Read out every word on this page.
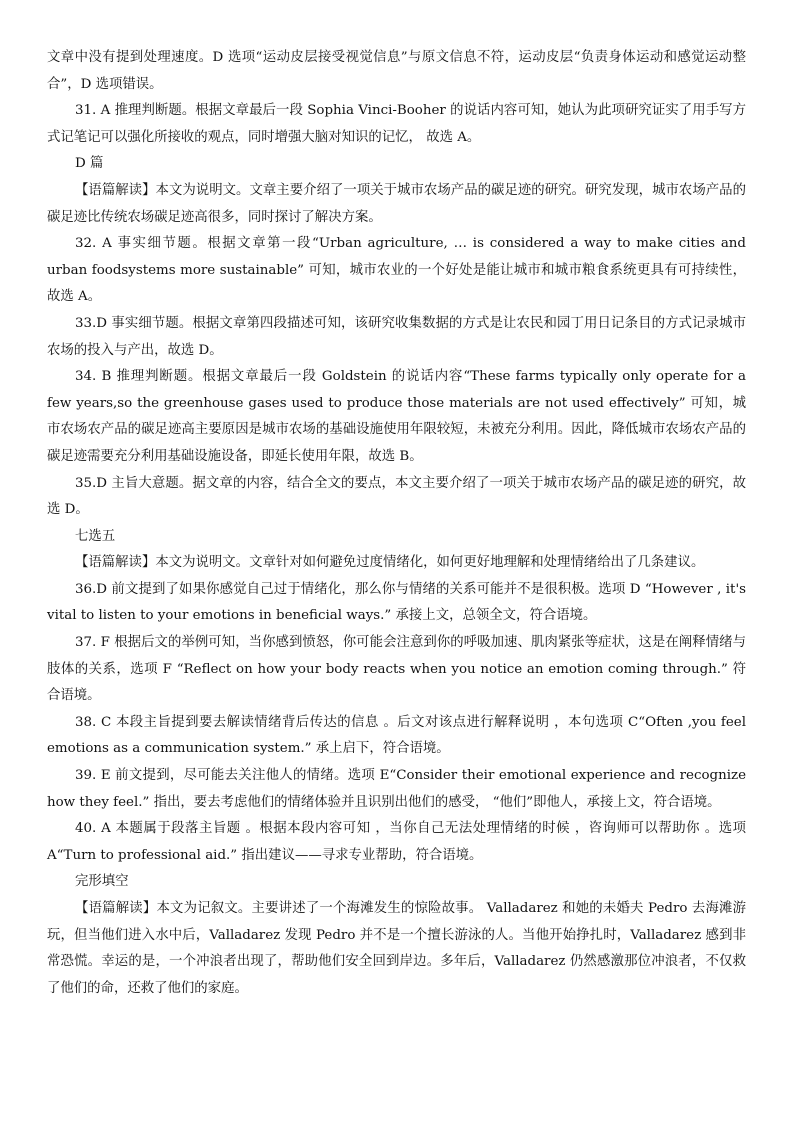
文章中没有提到处理速度。D 选项“运动皮层接受视觉信息”与原文信息不符，运动皮层“负责身体运动和感觉运动整合”，D 选项错误。

31. A 推理判断题。根据文章最后一段 Sophia Vinci-Booher 的说话内容可知，她认为此项研究证实了用手写方式记笔记可以强化所接收的观点，同时增强大脑对知识的记忆， 故选 A。

D 篇

【语篇解读】本文为说明文。文章主要介绍了一项关于城市农场产品的碳足迹的研究。研究发现，城市农场产品的碳足迹比传统农场碳足迹高很多，同时探讨了解决方案。

32. A 事实细节题。根据文章第一段“Urban agriculture, … is considered a way to make cities and urban foodsystems more sustainable” 可知，城市农业的一个好处是能让城市和城市粮食系统更具有可持续性，故选 A。

33.D 事实细节题。根据文章第四段描述可知，该研究收集数据的方式是让农民和园丁用日记条目的方式记录城市农场的投入与产出，故选 D。

34. B 推理判断题。根据文章最后一段 Goldstein 的说话内容“These farms typically only operate for a few years,so the greenhouse gases used to produce those materials are not used effectively” 可知，城市农场农产品的碳足迹高主要原因是城市农场的基础设施使用年限较短，未被充分利用。因此，降低城市农场农产品的碳足迹需要充分利用基础设施设备，即延长使用年限，故选 B。

35.D 主旨大意题。据文章的内容，结合全文的要点，本文主要介绍了一项关于城市农场产品的碳足迹的研究，故选 D。

七选五

【语篇解读】本文为说明文。文章针对如何避免过度情绪化，如何更好地理解和处理情绪给出了几条建议。

36.D 前文提到了如果你感觉自己过于情绪化，那么你与情绪的关系可能并不是很积极。选项 D “However , it's vital to listen to your emotions in beneficial ways.” 承接上文，总领全文，符合语境。

37. F 根据后文的举例可知，当你感到愤怒，你可能会注意到你的呼吸加速、肌肉紧张等症状，这是在阐释情绪与肢体的关系，选项 F “Reflect on how your body reacts when you notice an emotion coming through.” 符合语境。

38. C 本段主旨提到要去解读情绪背后传达的信息 。后文对该点进行解释说明 ，本句选项 C“Often ,you feel emotions as a communication system.” 承上启下，符合语境。

39. E 前文提到，尽可能去关注他人的情绪。选项 E“Consider their emotional experience and recognize how they feel.” 指出，要去考虑他们的情绪体验并且识别出他们的感受， “他们”即他人，承接上文，符合语境。

40. A 本题属于段落主旨题 。根据本段内容可知 ，当你自己无法处理情绪的时候 ，咨询师可以帮助你 。选项 A“Turn to professional aid.” 指出建议——寻求专业帮助，符合语境。

完形填空

【语篇解读】本文为记叙文。主要讲述了一个海滩发生的惊险故事。 Valladarez 和她的未婚夫 Pedro 去海滩游玩，但当他们进入水中后，Valladarez 发现 Pedro 并不是一个擅长游泳的人。当他开始挣扎时，Valladarez 感到非常恐慌。幸运的是，一个冲浪者出现了，帮助他们安全回到岸边。多年后，Valladarez 仍然感激那位冲浪者，不仅救了他们的命，还救了他们的家庭。
